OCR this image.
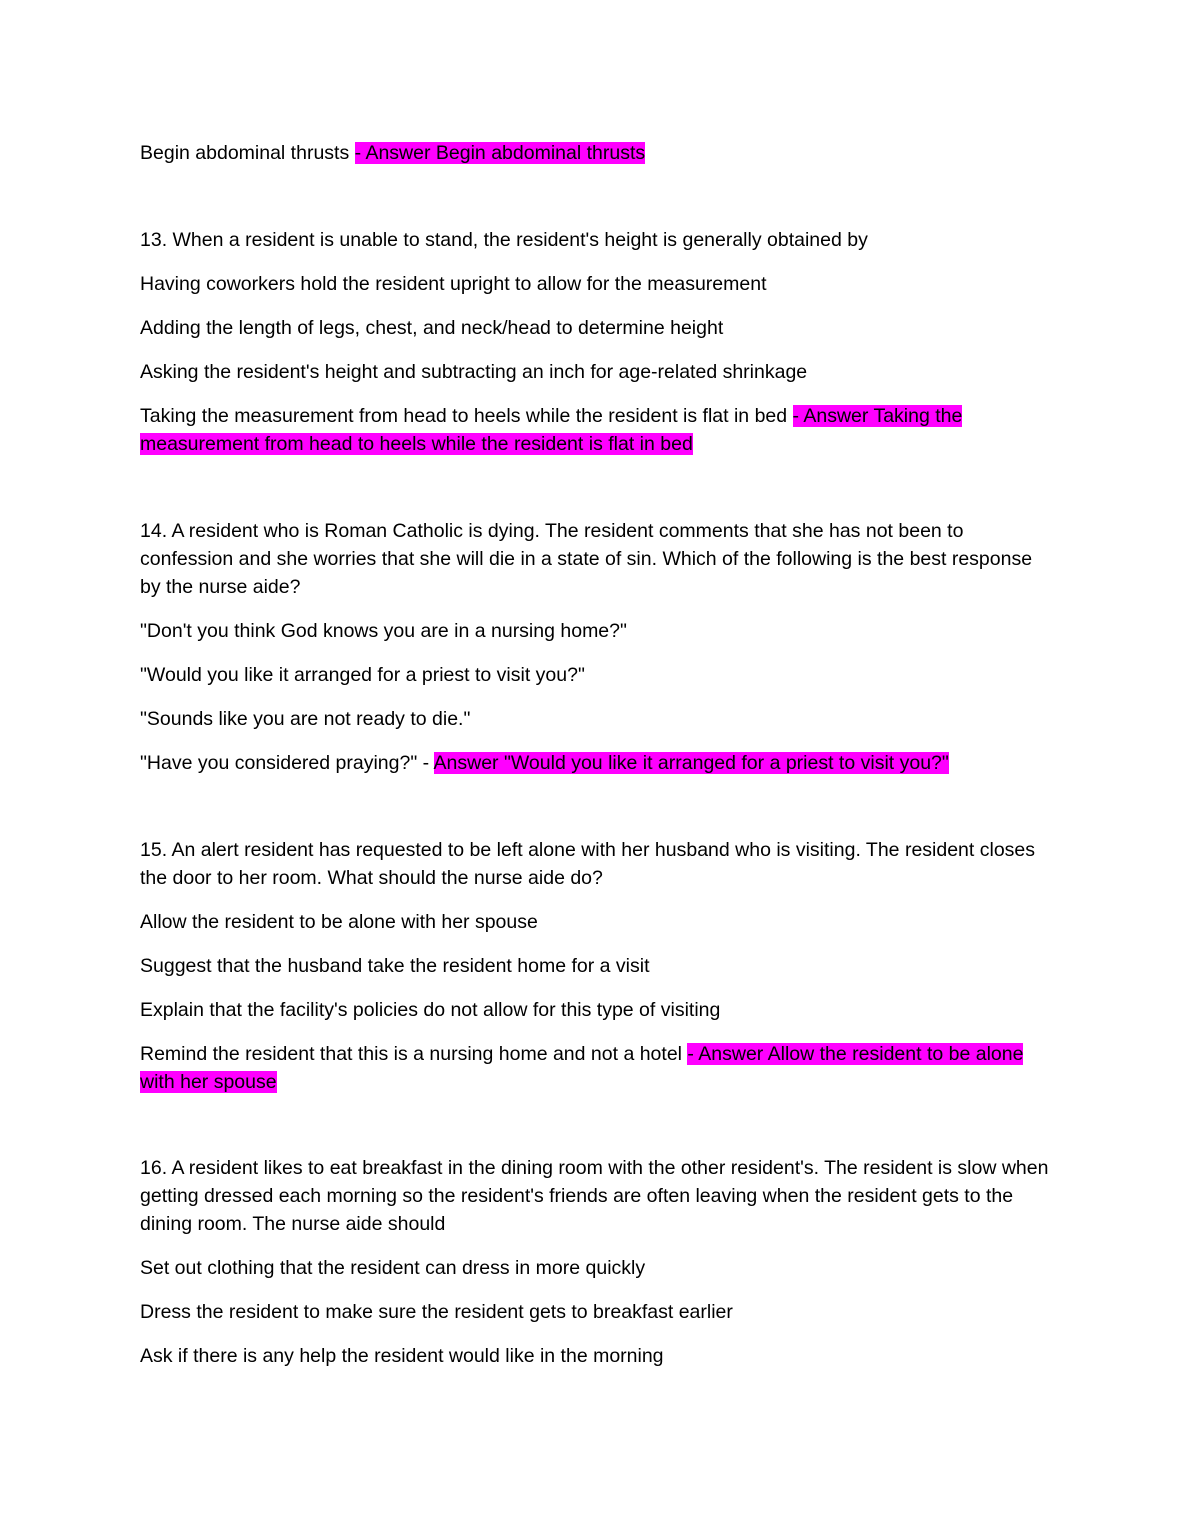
Begin abdominal thrusts - Answer Begin abdominal thrusts

13. When a resident is unable to stand, the resident's height is generally obtained by

Having coworkers hold the resident upright to allow for the measurement

Adding the length of legs, chest, and neck/head to determine height

Asking the resident's height and subtracting an inch for age-related shrinkage

Taking the measurement from head to heels while the resident is flat in bed - Answer Taking the measurement from head to heels while the resident is flat in bed

14. A resident who is Roman Catholic is dying. The resident comments that she has not been to confession and she worries that she will die in a state of sin. Which of the following is the best response by the nurse aide?

"Don't you think God knows you are in a nursing home?"

"Would you like it arranged for a priest to visit you?"

"Sounds like you are not ready to die."

"Have you considered praying?" - Answer "Would you like it arranged for a priest to visit you?"

15. An alert resident has requested to be left alone with her husband who is visiting. The resident closes the door to her room. What should the nurse aide do?

Allow the resident to be alone with her spouse

Suggest that the husband take the resident home for a visit

Explain that the facility's policies do not allow for this type of visiting

Remind the resident that this is a nursing home and not a hotel - Answer Allow the resident to be alone with her spouse

16. A resident likes to eat breakfast in the dining room with the other resident's. The resident is slow when getting dressed each morning so the resident's friends are often leaving when the resident gets to the dining room. The nurse aide should

Set out clothing that the resident can dress in more quickly

Dress the resident to make sure the resident gets to breakfast earlier

Ask if there is any help the resident would like in the morning
